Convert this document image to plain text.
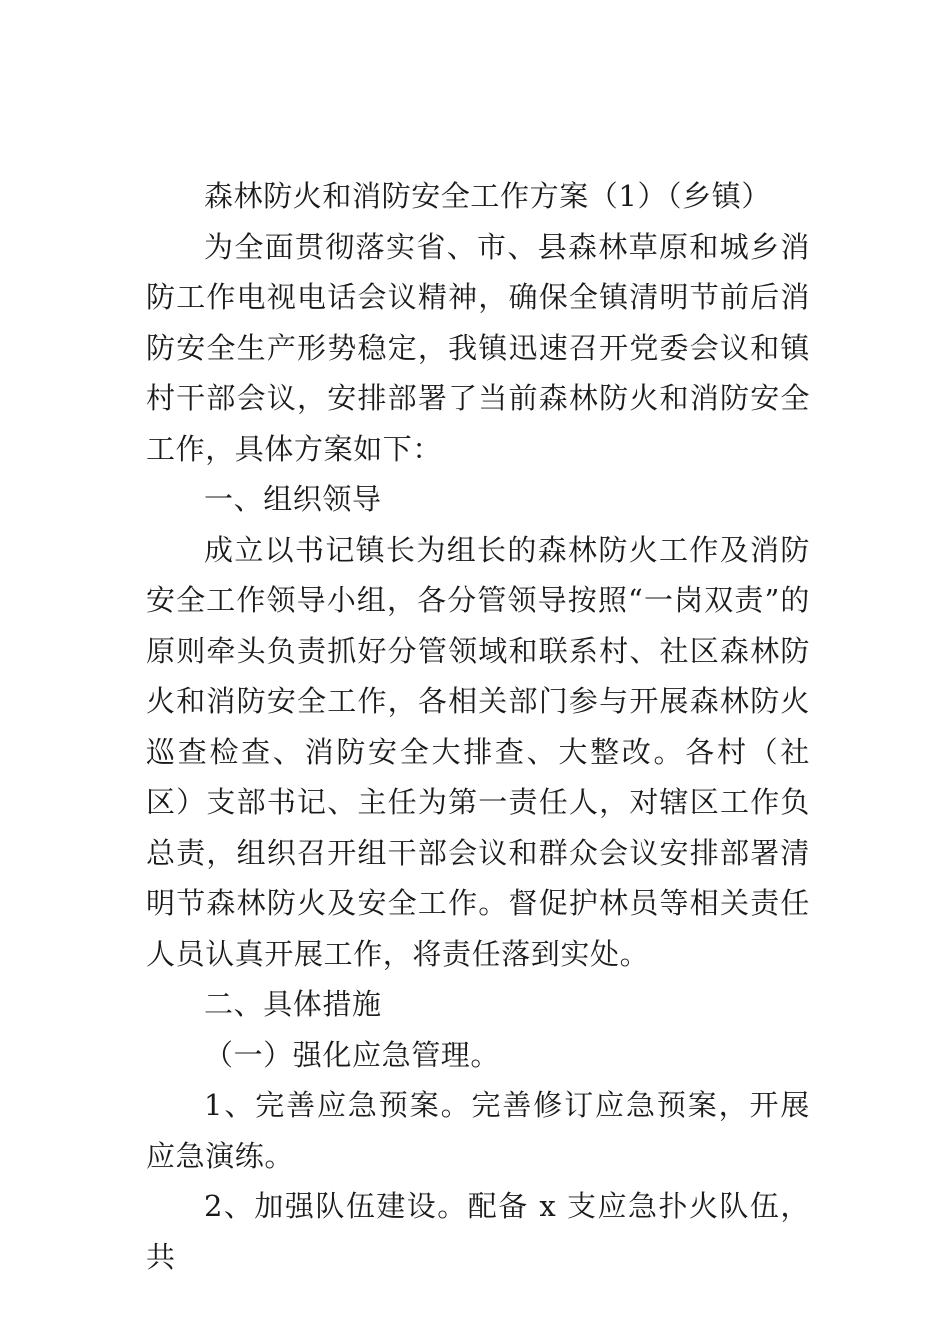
森林防火和消防安全工作方案（1）（乡镇）

为全面贯彻落实省、市、县森林草原和城乡消防工作电视电话会议精神，确保全镇清明节前后消防安全生产形势稳定，我镇迅速召开党委会议和镇村干部会议，安排部署了当前森林防火和消防安全工作，具体方案如下：

一、组织领导

成立以书记镇长为组长的森林防火工作及消防安全工作领导小组，各分管领导按照“一岗双责”的原则牵头负责抓好分管领域和联系村、社区森林防火和消防安全工作，各相关部门参与开展森林防火巡查检查、消防安全大排查、大整改。各村（社区）支部书记、主任为第一责任人，对辖区工作负总责，组织召开组干部会议和群众会议安排部署清明节森林防火及安全工作。督促护林员等相关责任人员认真开展工作，将责任落到实处。

二、具体措施

（一）强化应急管理。

1、完善应急预案。完善修订应急预案，开展应急演练。

2、加强队伍建设。配备 x 支应急扑火队伍，共
